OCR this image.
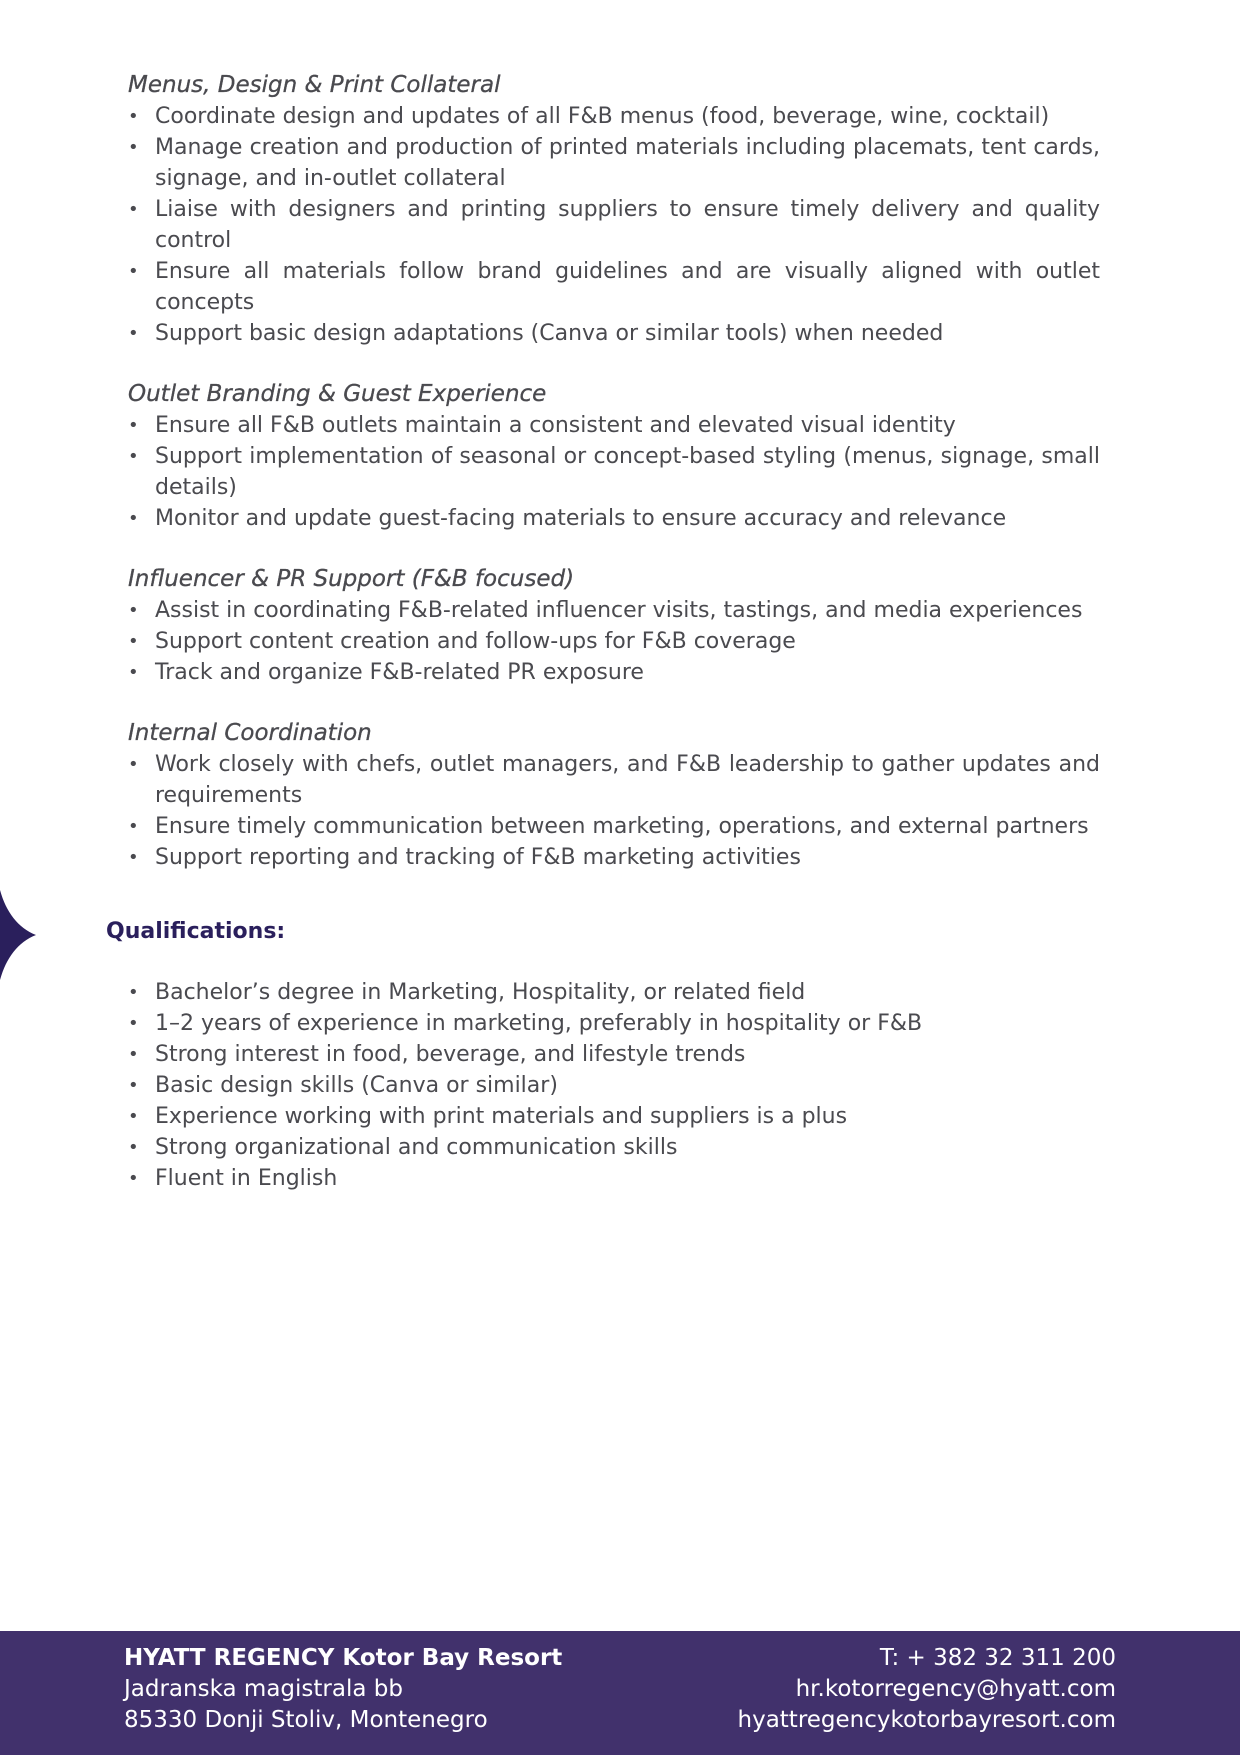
Menus, Design & Print Collateral
• Coordinate design and updates of all F&B menus (food, beverage, wine, cocktail)
• Manage creation and production of printed materials including placemats, tent cards, signage, and in-outlet collateral
• Liaise with designers and printing suppliers to ensure timely delivery and quality control
• Ensure all materials follow brand guidelines and are visually aligned with outlet concepts
• Support basic design adaptations (Canva or similar tools) when needed
Outlet Branding & Guest Experience
• Ensure all F&B outlets maintain a consistent and elevated visual identity
• Support implementation of seasonal or concept-based styling (menus, signage, small details)
• Monitor and update guest-facing materials to ensure accuracy and relevance
Influencer & PR Support (F&B focused)
• Assist in coordinating F&B-related influencer visits, tastings, and media experiences
• Support content creation and follow-ups for F&B coverage
• Track and organize F&B-related PR exposure
Internal Coordination
• Work closely with chefs, outlet managers, and F&B leadership to gather updates and requirements
• Ensure timely communication between marketing, operations, and external partners
• Support reporting and tracking of F&B marketing activities
Qualifications:
• Bachelor’s degree in Marketing, Hospitality, or related field
• 1–2 years of experience in marketing, preferably in hospitality or F&B
• Strong interest in food, beverage, and lifestyle trends
• Basic design skills (Canva or similar)
• Experience working with print materials and suppliers is a plus
• Strong organizational and communication skills
• Fluent in English
HYATT REGENCY Kotor Bay Resort
Jadranska magistrala bb
85330 Donji Stoliv, Montenegro
T: + 382 32 311 200
hr.kotorregency@hyatt.com
hyattregencykotorbayresort.com
